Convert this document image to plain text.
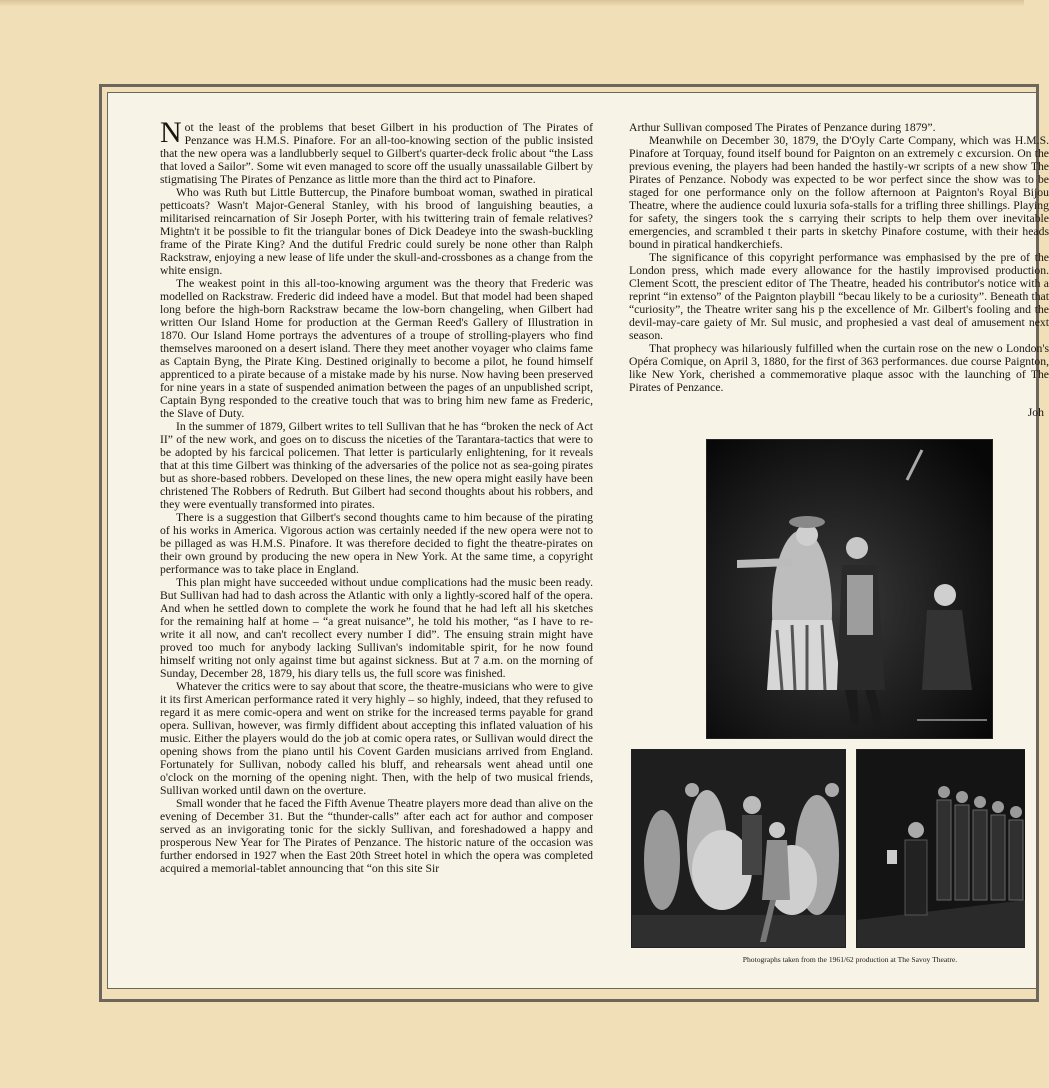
Not the least of the problems that beset Gilbert in his production of The Pirates of Penzance was H.M.S. Pinafore. For an all-too-knowing section of the public insisted that the new opera was a landlubberly sequel to Gilbert's quarter-deck frolic about “the Lass that loved a Sailor”. Some wit even managed to score off the usually unassailable Gilbert by stigmatising The Pirates of Penzance as little more than the third act to Pinafore.

Who was Ruth but Little Buttercup, the Pinafore bumboat woman, swathed in piratical petticoats? Wasn't Major-General Stanley, with his brood of languishing beauties, a militarised reincarnation of Sir Joseph Porter, with his twittering train of female relatives? Mightn't it be possible to fit the triangular bones of Dick Deadeye into the swash-buckling frame of the Pirate King? And the dutiful Fredric could surely be none other than Ralph Rackstraw, enjoying a new lease of life under the skull-and-crossbones as a change from the white ensign.

The weakest point in this all-too-knowing argument was the theory that Frederic was modelled on Rackstraw. Frederic did indeed have a model. But that model had been shaped long before the high-born Rackstraw became the low-born changeling, when Gilbert had written Our Island Home for production at the German Reed's Gallery of Illustration in 1870. Our Island Home portrays the adventures of a troupe of strolling-players who find themselves marooned on a desert island. There they meet another voyager who claims fame as Captain Byng, the Pirate King. Destined originally to become a pilot, he found himself apprenticed to a pirate because of a mistake made by his nurse. Now having been preserved for nine years in a state of suspended animation between the pages of an unpublished script, Captain Byng responded to the creative touch that was to bring him new fame as Frederic, the Slave of Duty.

In the summer of 1879, Gilbert writes to tell Sullivan that he has “broken the neck of Act II” of the new work, and goes on to discuss the niceties of the Tarantara-tactics that were to be adopted by his farcical policemen. That letter is particularly enlightening, for it reveals that at this time Gilbert was thinking of the adversaries of the police not as sea-going pirates but as shore-based robbers. Developed on these lines, the new opera might easily have been christened The Robbers of Redruth. But Gilbert had second thoughts about his robbers, and they were eventually transformed into pirates.

There is a suggestion that Gilbert's second thoughts came to him because of the pirating of his works in America. Vigorous action was certainly needed if the new opera were not to be pillaged as was H.M.S. Pinafore. It was therefore decided to fight the theatre-pirates on their own ground by producing the new opera in New York. At the same time, a copyright performance was to take place in England.

This plan might have succeeded without undue complications had the music been ready. But Sullivan had had to dash across the Atlantic with only a lightly-scored half of the opera. And when he settled down to complete the work he found that he had left all his sketches for the remaining half at home – “a great nuisance”, he told his mother, “as I have to re-write it all now, and can't recollect every number I did”. The ensuing strain might have proved too much for anybody lacking Sullivan's indomitable spirit, for he now found himself writing not only against time but against sickness. But at 7 a.m. on the morning of Sunday, December 28, 1879, his diary tells us, the full score was finished.

Whatever the critics were to say about that score, the theatre-musicians who were to give it its first American performance rated it very highly – so highly, indeed, that they refused to regard it as mere comic-opera and went on strike for the increased terms payable for grand opera. Sullivan, however, was firmly diffident about accepting this inflated valuation of his music. Either the players would do the job at comic opera rates, or Sullivan would direct the opening shows from the piano until his Covent Garden musicians arrived from England. Fortunately for Sullivan, nobody called his bluff, and rehearsals went ahead until one o'clock on the morning of the opening night. Then, with the help of two musical friends, Sullivan worked until dawn on the overture.

Small wonder that he faced the Fifth Avenue Theatre players more dead than alive on the evening of December 31. But the “thunder-calls” after each act for author and composer served as an invigorating tonic for the sickly Sullivan, and foreshadowed a happy and prosperous New Year for The Pirates of Penzance. The historic nature of the occasion was further endorsed in 1927 when the East 20th Street hotel in which the opera was completed acquired a memorial-tablet announcing that “on this site Sir

Arthur Sullivan composed The Pirates of Penzance during 1879”.

Meanwhile on December 30, 1879, the D'Oyly Carte Company, which was H.M.S. Pinafore at Torquay, found itself bound for Paignton on an extremely c excursion. On the previous evening, the players had been handed the hastily-wr scripts of a new show The Pirates of Penzance. Nobody was expected to be wor perfect since the show was to be staged for one performance only on the follow afternoon at Paignton's Royal Bijou Theatre, where the audience could luxuria sofa-stalls for a trifling three shillings. Playing for safety, the singers took the s carrying their scripts to help them over inevitable emergencies, and scrambled t their parts in sketchy Pinafore costume, with their heads bound in piratical handkerchiefs.

The significance of this copyright performance was emphasised by the pre of the London press, which made every allowance for the hastily improvised production. Clement Scott, the prescient editor of The Theatre, headed his contributor's notice with a reprint “in extenso” of the Paignton playbill “becau likely to be a curiosity”. Beneath that “curiosity”, the Theatre writer sang his p the excellence of Mr. Gilbert's fooling and the devil-may-care gaiety of Mr. Sul music, and prophesied a vast deal of amusement next season.

That prophecy was hilariously fulfilled when the curtain rose on the new o London's Opéra Comique, on April 3, 1880, for the first of 363 performances. due course Paignton, like New York, cherished a commemorative plaque assoc with the launching of The Pirates of Penzance.

Joh
Photographs taken from the 1961/62 production at The Savoy Theatre.
